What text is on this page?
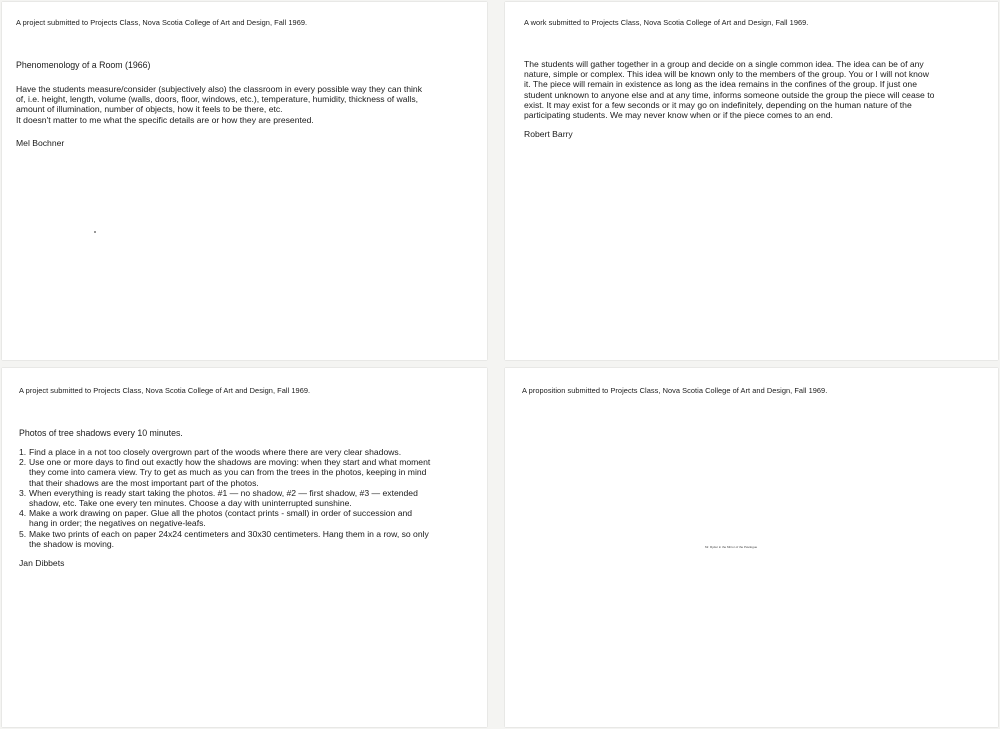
A project submitted to Projects Class, Nova Scotia College of Art and Design, Fall 1969.
Phenomenology of a Room (1966)
Have the students measure/consider (subjectively also) the classroom in every possible way they can think
of, i.e. height, length, volume (walls, doors, floor, windows, etc.), temperature, humidity, thickness of walls,
amount of illumination, number of objects, how it feels to be there, etc.
It doesn't matter to me what the specific details are or how they are presented.
Mel Bochner
A work submitted to Projects Class, Nova Scotia College of Art and Design, Fall 1969.
The students will gather together in a group and decide on a single common idea. The idea can be of any
nature, simple or complex. This idea will be known only to the members of the group. You or I will not know
it. The piece will remain in existence as long as the idea remains in the confines of the group. If just one
student unknown to anyone else and at any time, informs someone outside the group the piece will cease to
exist. It may exist for a few seconds or it may go on indefinitely, depending on the human nature of the
participating students. We may never know when or if the piece comes to an end.
Robert Barry
A project submitted to Projects Class, Nova Scotia College of Art and Design, Fall 1969.
Photos of tree shadows every 10 minutes.
1. Find a place in a not too closely overgrown part of the woods where there are very clear shadows.
2. Use one or more days to find out exactly how the shadows are moving: when they start and what moment
they come into camera view. Try to get as much as you can from the trees in the photos, keeping in mind
that their shadows are the most important part of the photos.
3. When everything is ready start taking the photos. #1 — no shadow, #2 — first shadow, #3 — extended
shadow, etc. Take one every ten minutes. Choose a day with uninterrupted sunshine.
4. Make a work drawing on paper. Glue all the photos (contact prints - small) in order of succession and
hang in order; the negatives on negative-leafs.
5. Make two prints of each on paper 24x24 centimeters and 30x30 centimeters. Hang them in a row, so only
the shadow is moving.
Jan Dibbets
A proposition submitted to Projects Class, Nova Scotia College of Art and Design, Fall 1969.
Mr. Ryder in the Mirror of the Pavilogue
